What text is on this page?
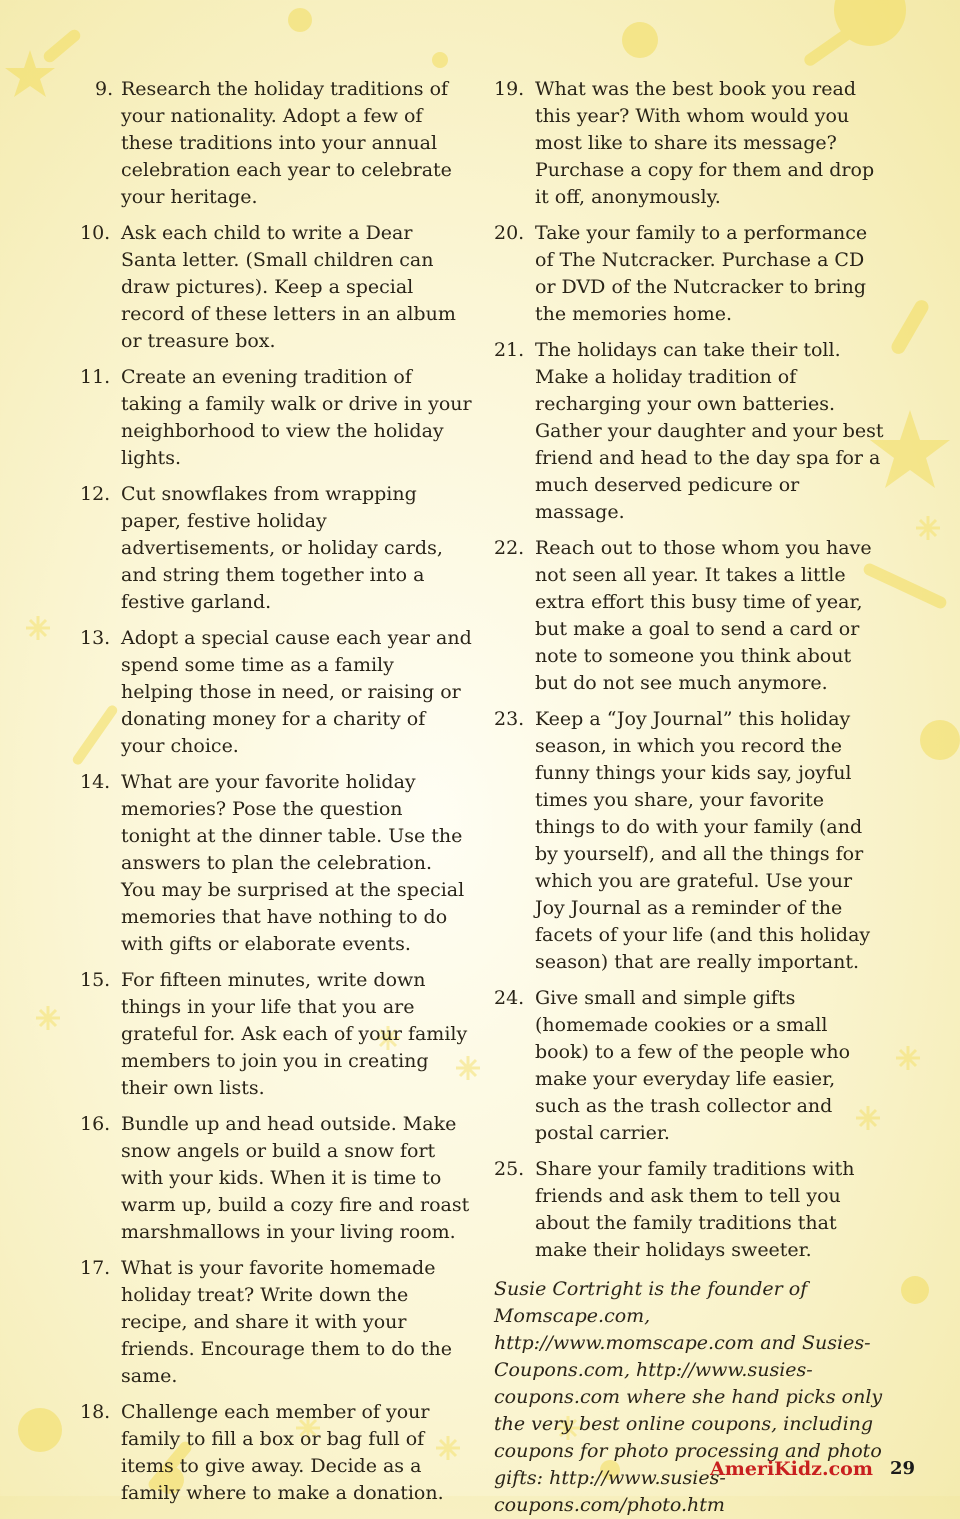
9. Research the holiday traditions of your nationality. Adopt a few of these traditions into your annual celebration each year to celebrate your heritage.
10. Ask each child to write a Dear Santa letter. (Small children can draw pictures). Keep a special record of these letters in an album or treasure box.
11. Create an evening tradition of taking a family walk or drive in your neighborhood to view the holiday lights.
12. Cut snowflakes from wrapping paper, festive holiday advertisements, or holiday cards, and string them together into a festive garland.
13. Adopt a special cause each year and spend some time as a family helping those in need, or raising or donating money for a charity of your choice.
14. What are your favorite holiday memories? Pose the question tonight at the dinner table. Use the answers to plan the celebration. You may be surprised at the special memories that have nothing to do with gifts or elaborate events.
15. For fifteen minutes, write down things in your life that you are grateful for. Ask each of your family members to join you in creating their own lists.
16. Bundle up and head outside. Make snow angels or build a snow fort with your kids. When it is time to warm up, build a cozy fire and roast marshmallows in your living room.
17. What is your favorite homemade holiday treat? Write down the recipe, and share it with your friends. Encourage them to do the same.
18. Challenge each member of your family to fill a box or bag full of items to give away. Decide as a family where to make a donation.
19. What was the best book you read this year? With whom would you most like to share its message? Purchase a copy for them and drop it off, anonymously.
20. Take your family to a performance of The Nutcracker. Purchase a CD or DVD of the Nutcracker to bring the memories home.
21. The holidays can take their toll. Make a holiday tradition of recharging your own batteries. Gather your daughter and your best friend and head to the day spa for a much deserved pedicure or massage.
22. Reach out to those whom you have not seen all year. It takes a little extra effort this busy time of year, but make a goal to send a card or note to someone you think about but do not see much anymore.
23. Keep a “Joy Journal” this holiday season, in which you record the funny things your kids say, joyful times you share, your favorite things to do with your family (and by yourself), and all the things for which you are grateful. Use your Joy Journal as a reminder of the facets of your life (and this holiday season) that are really important.
24. Give small and simple gifts (homemade cookies or a small book) to a few of the people who make your everyday life easier, such as the trash collector and postal carrier.
25. Share your family traditions with friends and ask them to tell you about the family traditions that make their holidays sweeter.
Susie Cortright is the founder of Momscape.com, http://www.momscape.com and Susies-Coupons.com, http://www.susies-coupons.com where she hand picks only the very best online coupons, including coupons for photo processing and photo gifts: http://www.susies-coupons.com/photo.htm
AmeriKidz.com 29
